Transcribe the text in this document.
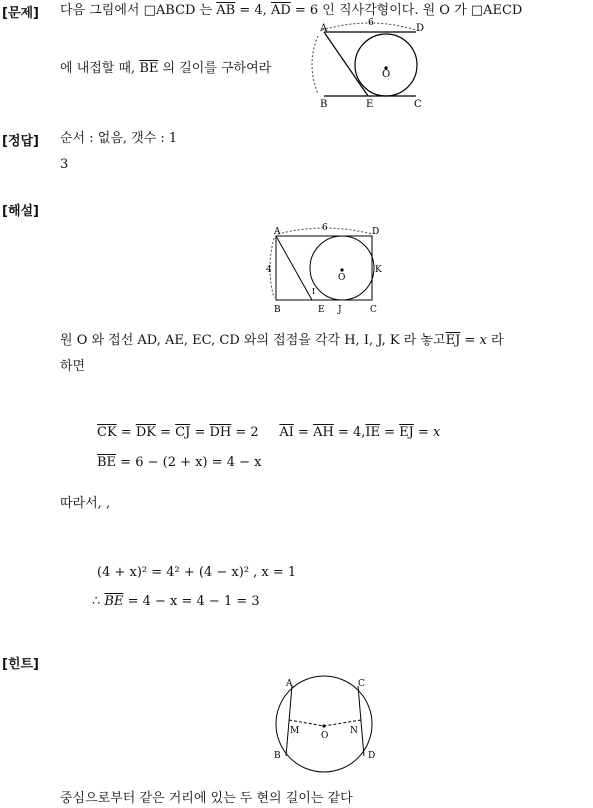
[문제] 다음 그림에서 □ABCD 는 $\overline{AB} = 4$, $\overline{AD} = 6$ 인 직사각형이다. 원 O 가 □AECD
에 내접할 때, $\overline{BE}$ 의 길이를 구하여라
A	D
6
O
B	E	C
[정답] 순서 : 없음, 갯수 : 1
3
[해설]
A	D
6
4
O
K
I
B	E J	C
원 O 와 접선 AD, AE, EC, CD 와의 접점을 각각 H, I, J, K 라 놓고$\overline{EJ} = x$ 라
하면
$\overline{CK} = \overline{DK} = \overline{CJ} = \overline{DH} = 2$ $\overline{AI} = \overline{AH} = 4,\overline{IE} = \overline{EJ} = x$
$\overline{BE} = 6 - (2 + x) = 4 - x$
따라서, ,
(4 + x)² = 4² + (4 − x)² , x = 1
∴ $\overline{BE} = 4 - x = 4 - 1 = 3$
[힌트]
A	C
B	D
M	N
O
중심으로부터 같은 거리에 있는 두 현의 길이는 같다
